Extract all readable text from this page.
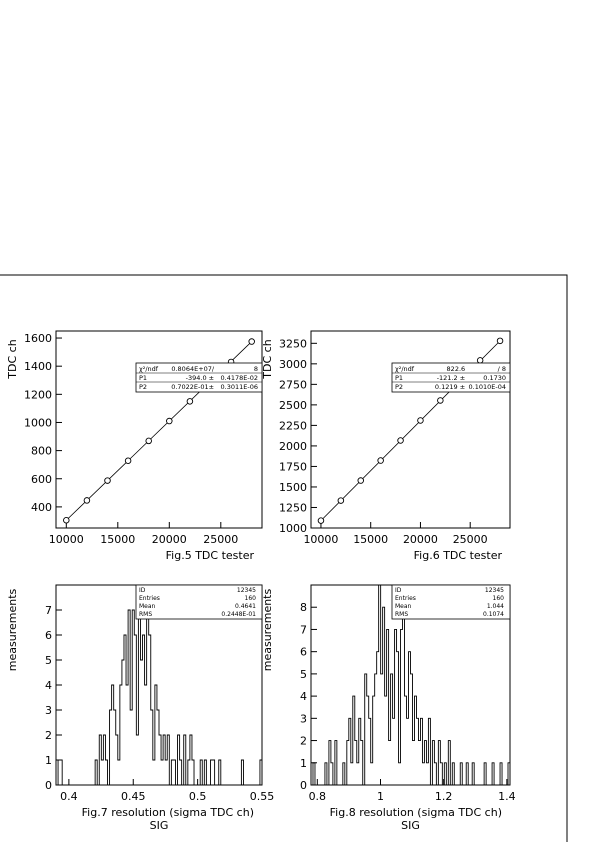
10000 15000 20000 25000
400
600
800
1000
1200
1400
1600
TDC ch
Fig.5 TDC tester
χ²/ndf 0.8064E+07/	8
P1	-394.0 ± 0.4178E-02
P2	0.7022E-01± 0.3011E-06
10000 15000 20000 25000
1000
1250
1500
1750
2000
2250
2500
2750
3000
3250
TDC ch
Fig.6 TDC tester
χ²/ndf	822.6	/ 8
P1	-121.2 ±	0.1730
P2	0.1219 ± 0.1010E-04
0.4	0.45	0.5	0.55
0
1
2
3
4
5
6
7
measurements
Fig.7 resolution (sigma TDC ch)
SIG
ID	12345
Entries	160
Mean	0.4641
RMS	0.2448E-01
0.8	1	1.2	1.4
0
1
2
3
4
5
6
7
8
measurements
Fig.8 resolution (sigma TDC ch)
SIG
ID	12345
Entries	160
Mean	1.044
RMS	0.1074
